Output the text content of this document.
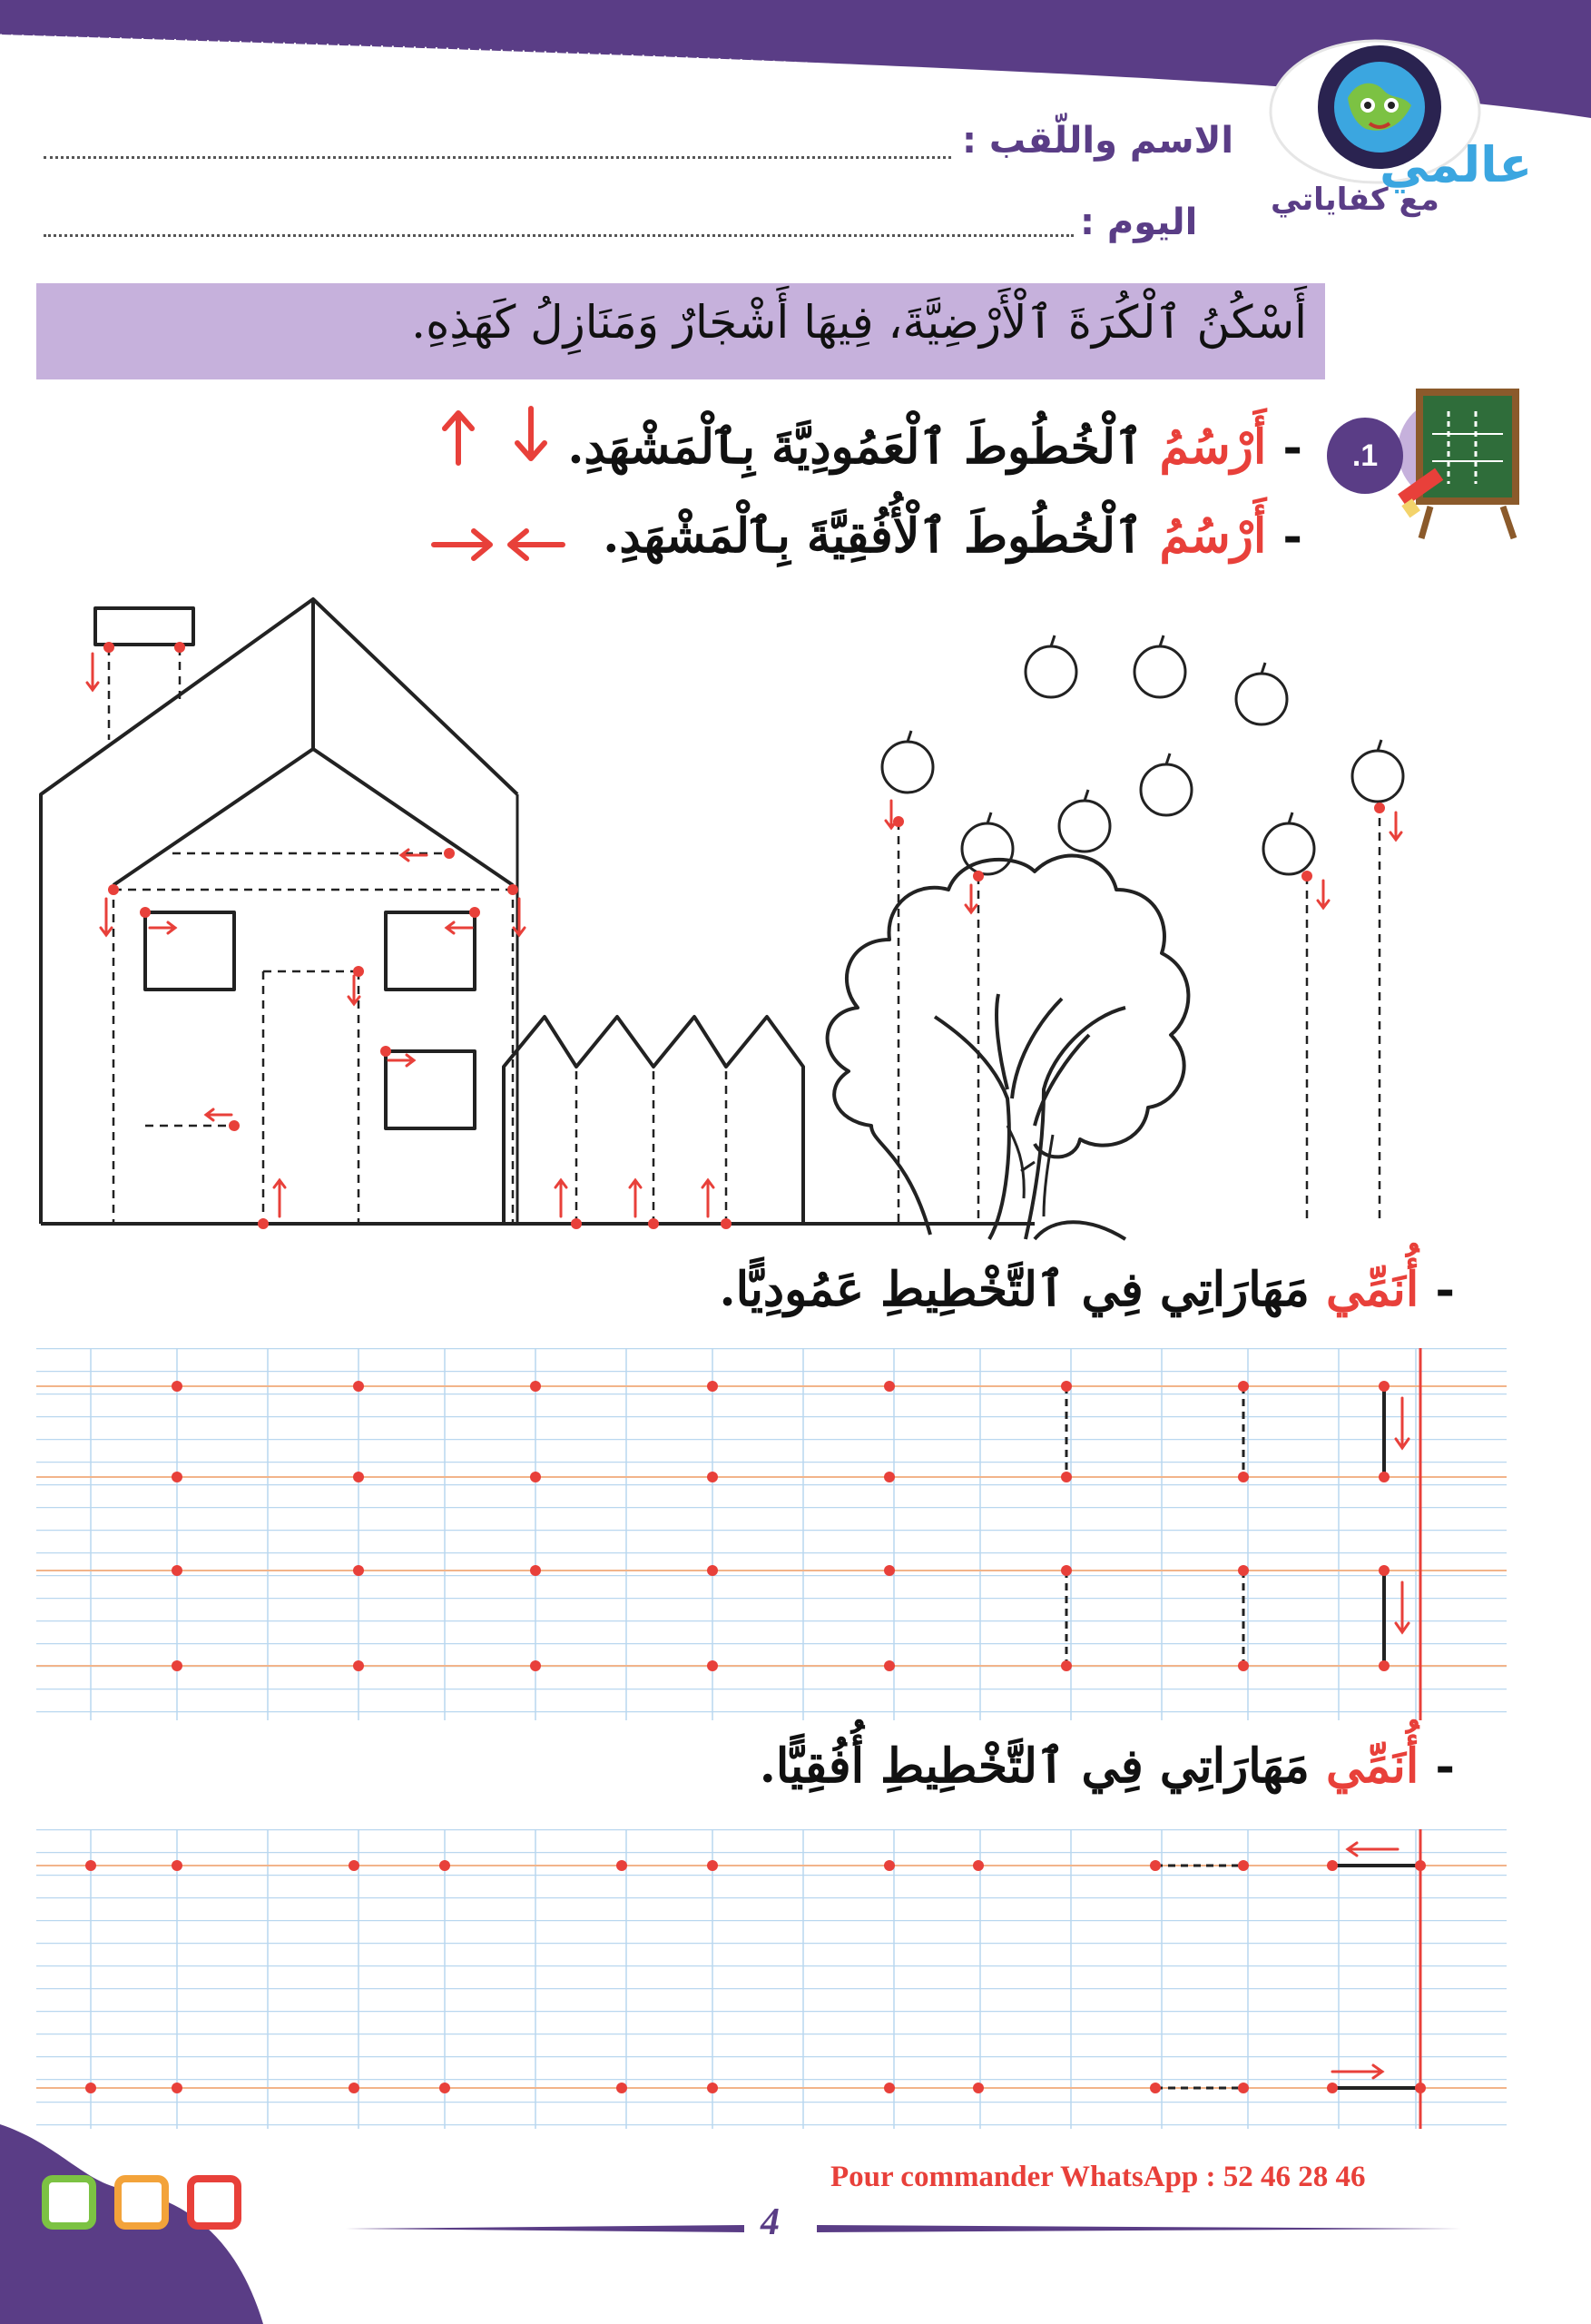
عالمي
مع كفاياتي
الاسم واللّقب :
اليوم :
أَسْكُنُ ٱلْكُرَةَ ٱلْأَرْضِيَّةَ، فِيهَا أَشْجَارٌ وَمَنَازِلُ كَهَذِهِ.
.1
- أَرْسُمُ ٱلْخُطُوطَ ٱلْعَمُودِيَّةَ بِٱلْمَشْهَدِ.
- أَرْسُمُ ٱلْخُطُوطَ ٱلْأُفُقِيَّةَ بِٱلْمَشْهَدِ.
- أُنَمِّي مَهَارَاتِي فِي ٱلتَّخْطِيطِ عَمُودِيًّا.
- أُنَمِّي مَهَارَاتِي فِي ٱلتَّخْطِيطِ أُفُقِيًّا.
Pour commander WhatsApp : 52 46 28 46
4
